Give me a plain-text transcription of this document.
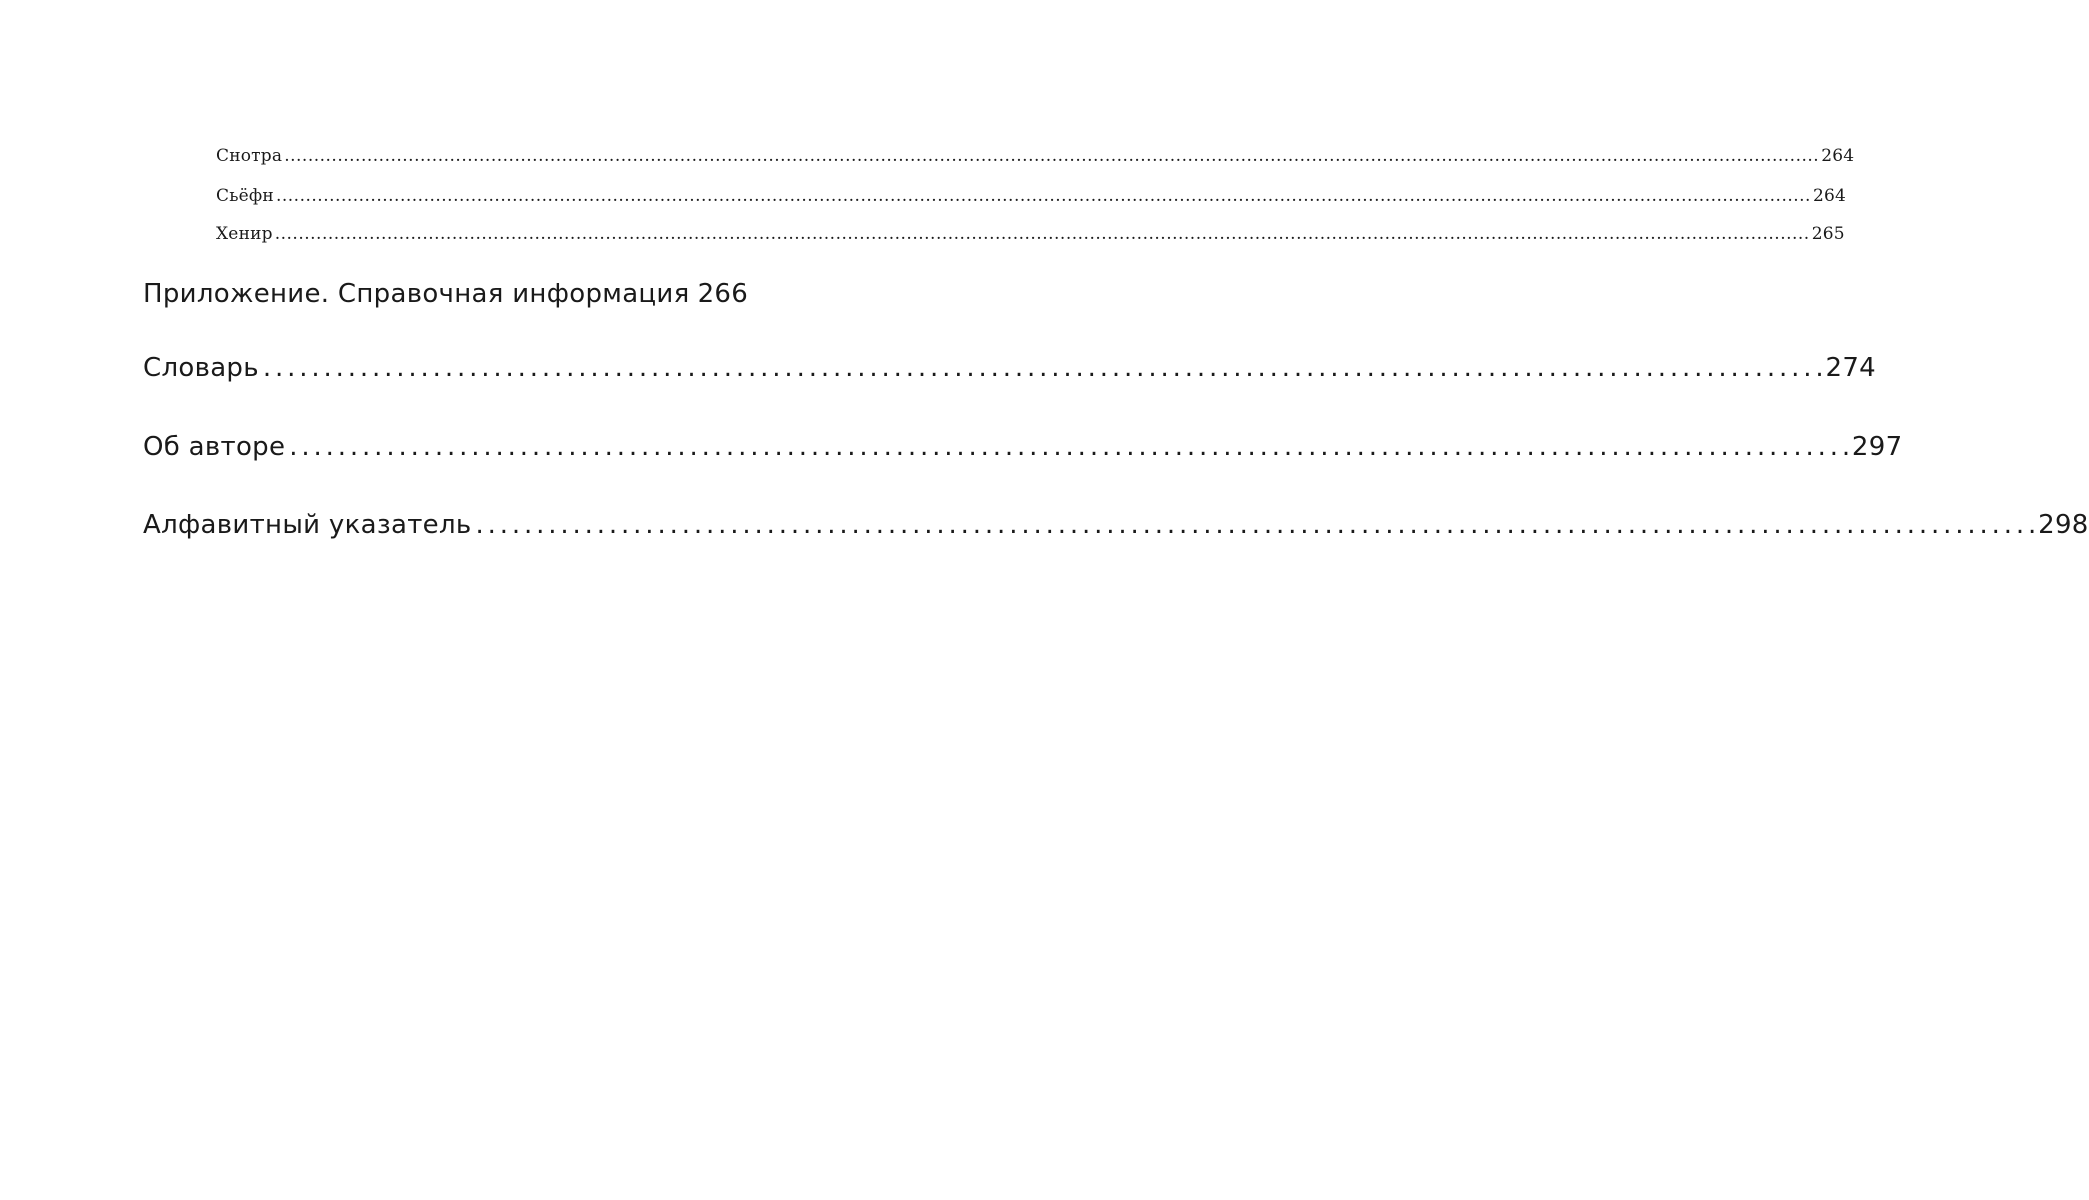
Снотра .....	264
Сьёфн .....	264
Хенир .....	265
Приложение. Справочная информация 266
Словарь . . .	274
Об авторе . . .	297
Алфавитный указатель . . .	298
